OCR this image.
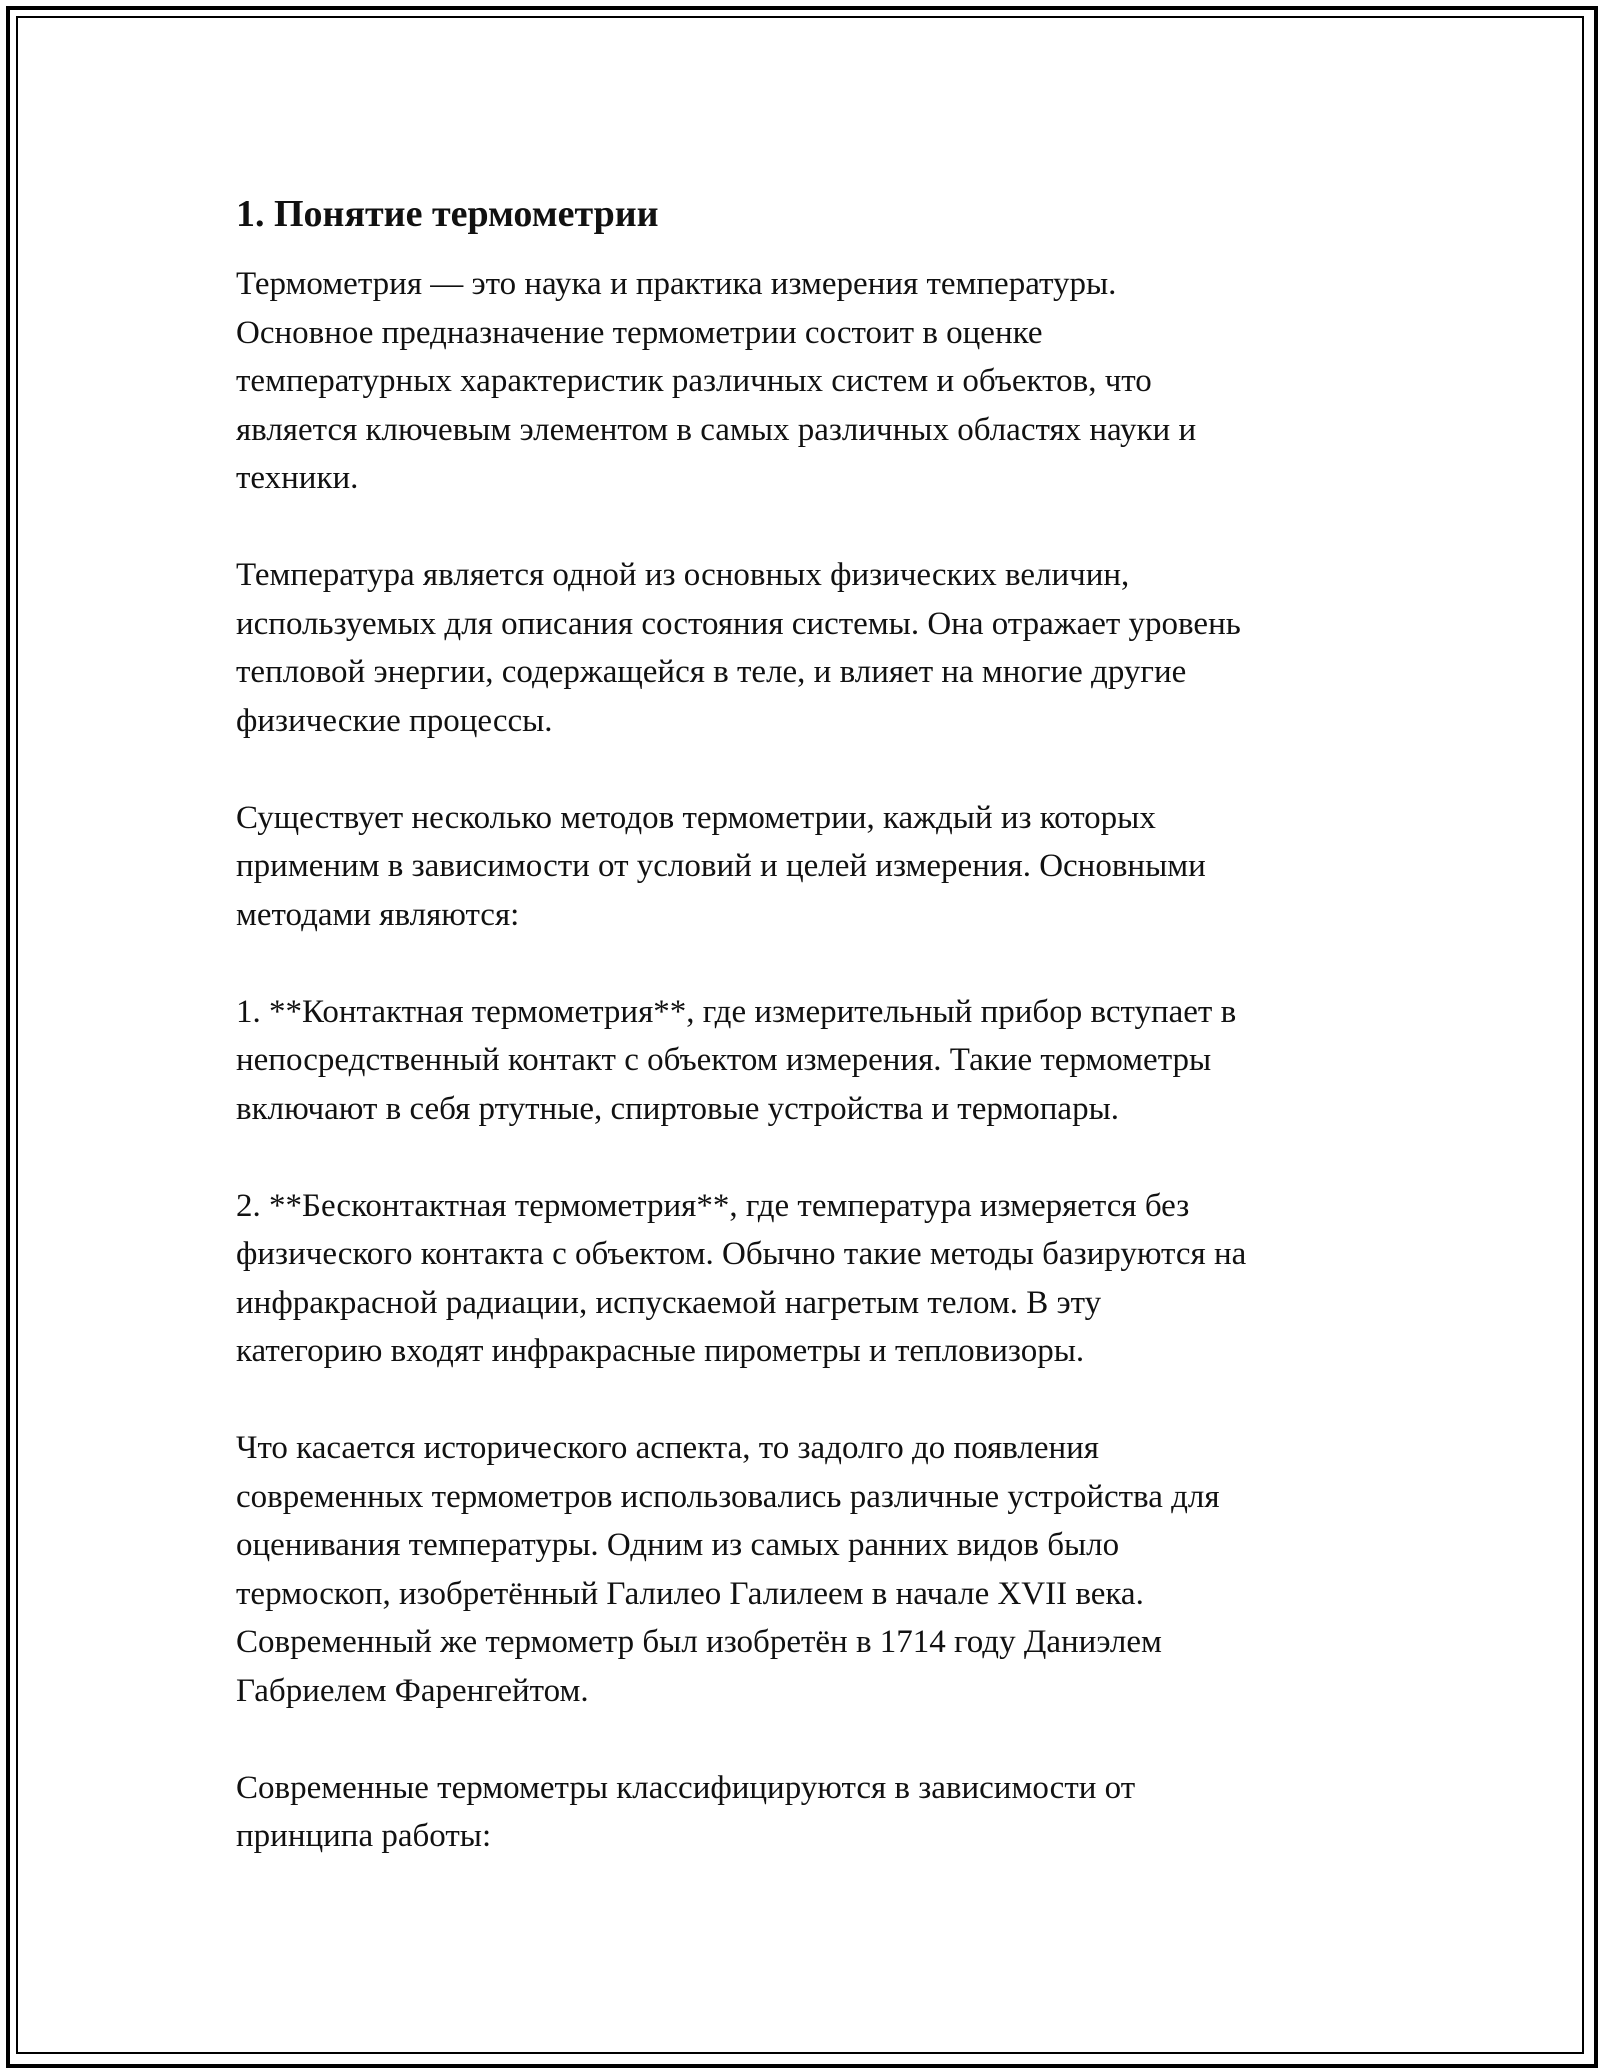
1. Понятие термометрии

Термометрия — это наука и практика измерения температуры.
Основное предназначение термометрии состоит в оценке
температурных характеристик различных систем и объектов, что
является ключевым элементом в самых различных областях науки и
техники.

Температура является одной из основных физических величин,
используемых для описания состояния системы. Она отражает уровень
тепловой энергии, содержащейся в теле, и влияет на многие другие
физические процессы.

Существует несколько методов термометрии, каждый из которых
применим в зависимости от условий и целей измерения. Основными
методами являются:

1. **Контактная термометрия**, где измерительный прибор вступает в
непосредственный контакт с объектом измерения. Такие термометры
включают в себя ртутные, спиртовые устройства и термопары.

2. **Бесконтактная термометрия**, где температура измеряется без
физического контакта с объектом. Обычно такие методы базируются на
инфракрасной радиации, испускаемой нагретым телом. В эту
категорию входят инфракрасные пирометры и тепловизоры.

Что касается исторического аспекта, то задолго до появления
современных термометров использовались различные устройства для
оценивания температуры. Одним из самых ранних видов было
термоскоп, изобретённый Галилео Галилеем в начале XVII века.
Современный же термометр был изобретён в 1714 году Даниэлем
Габриелем Фаренгейтом.

Современные термометры классифицируются в зависимости от
принципа работы:
